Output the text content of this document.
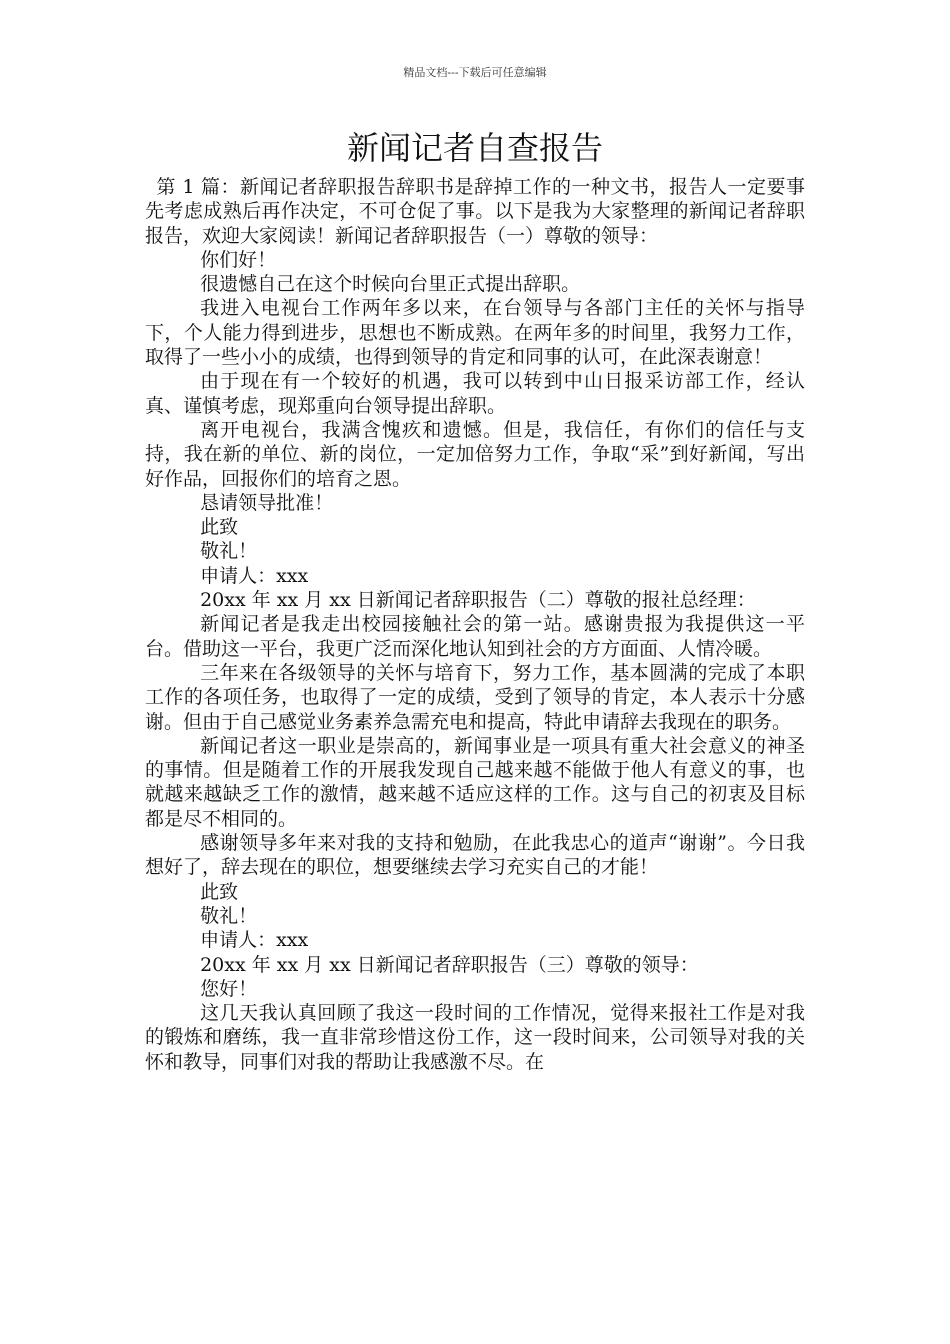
精品文档---下载后可任意编辑
新闻记者自查报告

第 1 篇：新闻记者辞职报告辞职书是辞掉工作的一种文书，报告人一定要事先考虑成熟后再作决定，不可仓促了事。以下是我为大家整理的新闻记者辞职报告，欢迎大家阅读！新闻记者辞职报告（一）尊敬的领导：

你们好！

很遗憾自己在这个时候向台里正式提出辞职。

我进入电视台工作两年多以来，在台领导与各部门主任的关怀与指导下，个人能力得到进步，思想也不断成熟。在两年多的时间里，我努力工作，取得了一些小小的成绩，也得到领导的肯定和同事的认可，在此深表谢意！

由于现在有一个较好的机遇，我可以转到中山日报采访部工作，经认真、谨慎考虑，现郑重向台领导提出辞职。

离开电视台，我满含愧疚和遗憾。但是，我信任，有你们的信任与支持，我在新的单位、新的岗位，一定加倍努力工作，争取“采”到好新闻，写出好作品，回报你们的培育之恩。

恳请领导批准！

此致

敬礼！

申请人：xxx

20xx 年 xx 月 xx 日新闻记者辞职报告（二）尊敬的报社总经理：

新闻记者是我走出校园接触社会的第一站。感谢贵报为我提供这一平台。借助这一平台，我更广泛而深化地认知到社会的方方面面、人情冷暖。

三年来在各级领导的关怀与培育下，努力工作，基本圆满的完成了本职工作的各项任务，也取得了一定的成绩，受到了领导的肯定，本人表示十分感谢。但由于自己感觉业务素养急需充电和提高，特此申请辞去我现在的职务。

新闻记者这一职业是崇高的，新闻事业是一项具有重大社会意义的神圣的事情。但是随着工作的开展我发现自己越来越不能做于他人有意义的事，也就越来越缺乏工作的激情，越来越不适应这样的工作。这与自己的初衷及目标都是尽不相同的。

感谢领导多年来对我的支持和勉励，在此我忠心的道声“谢谢”。今日我想好了，辞去现在的职位，想要继续去学习充实自己的才能！

此致

敬礼！

申请人：xxx

20xx 年 xx 月 xx 日新闻记者辞职报告（三）尊敬的领导：

您好！

这几天我认真回顾了我这一段时间的工作情况，觉得来报社工作是对我的锻炼和磨练，我一直非常珍惜这份工作，这一段时间来，公司领导对我的关怀和教导，同事们对我的帮助让我感激不尽。在
